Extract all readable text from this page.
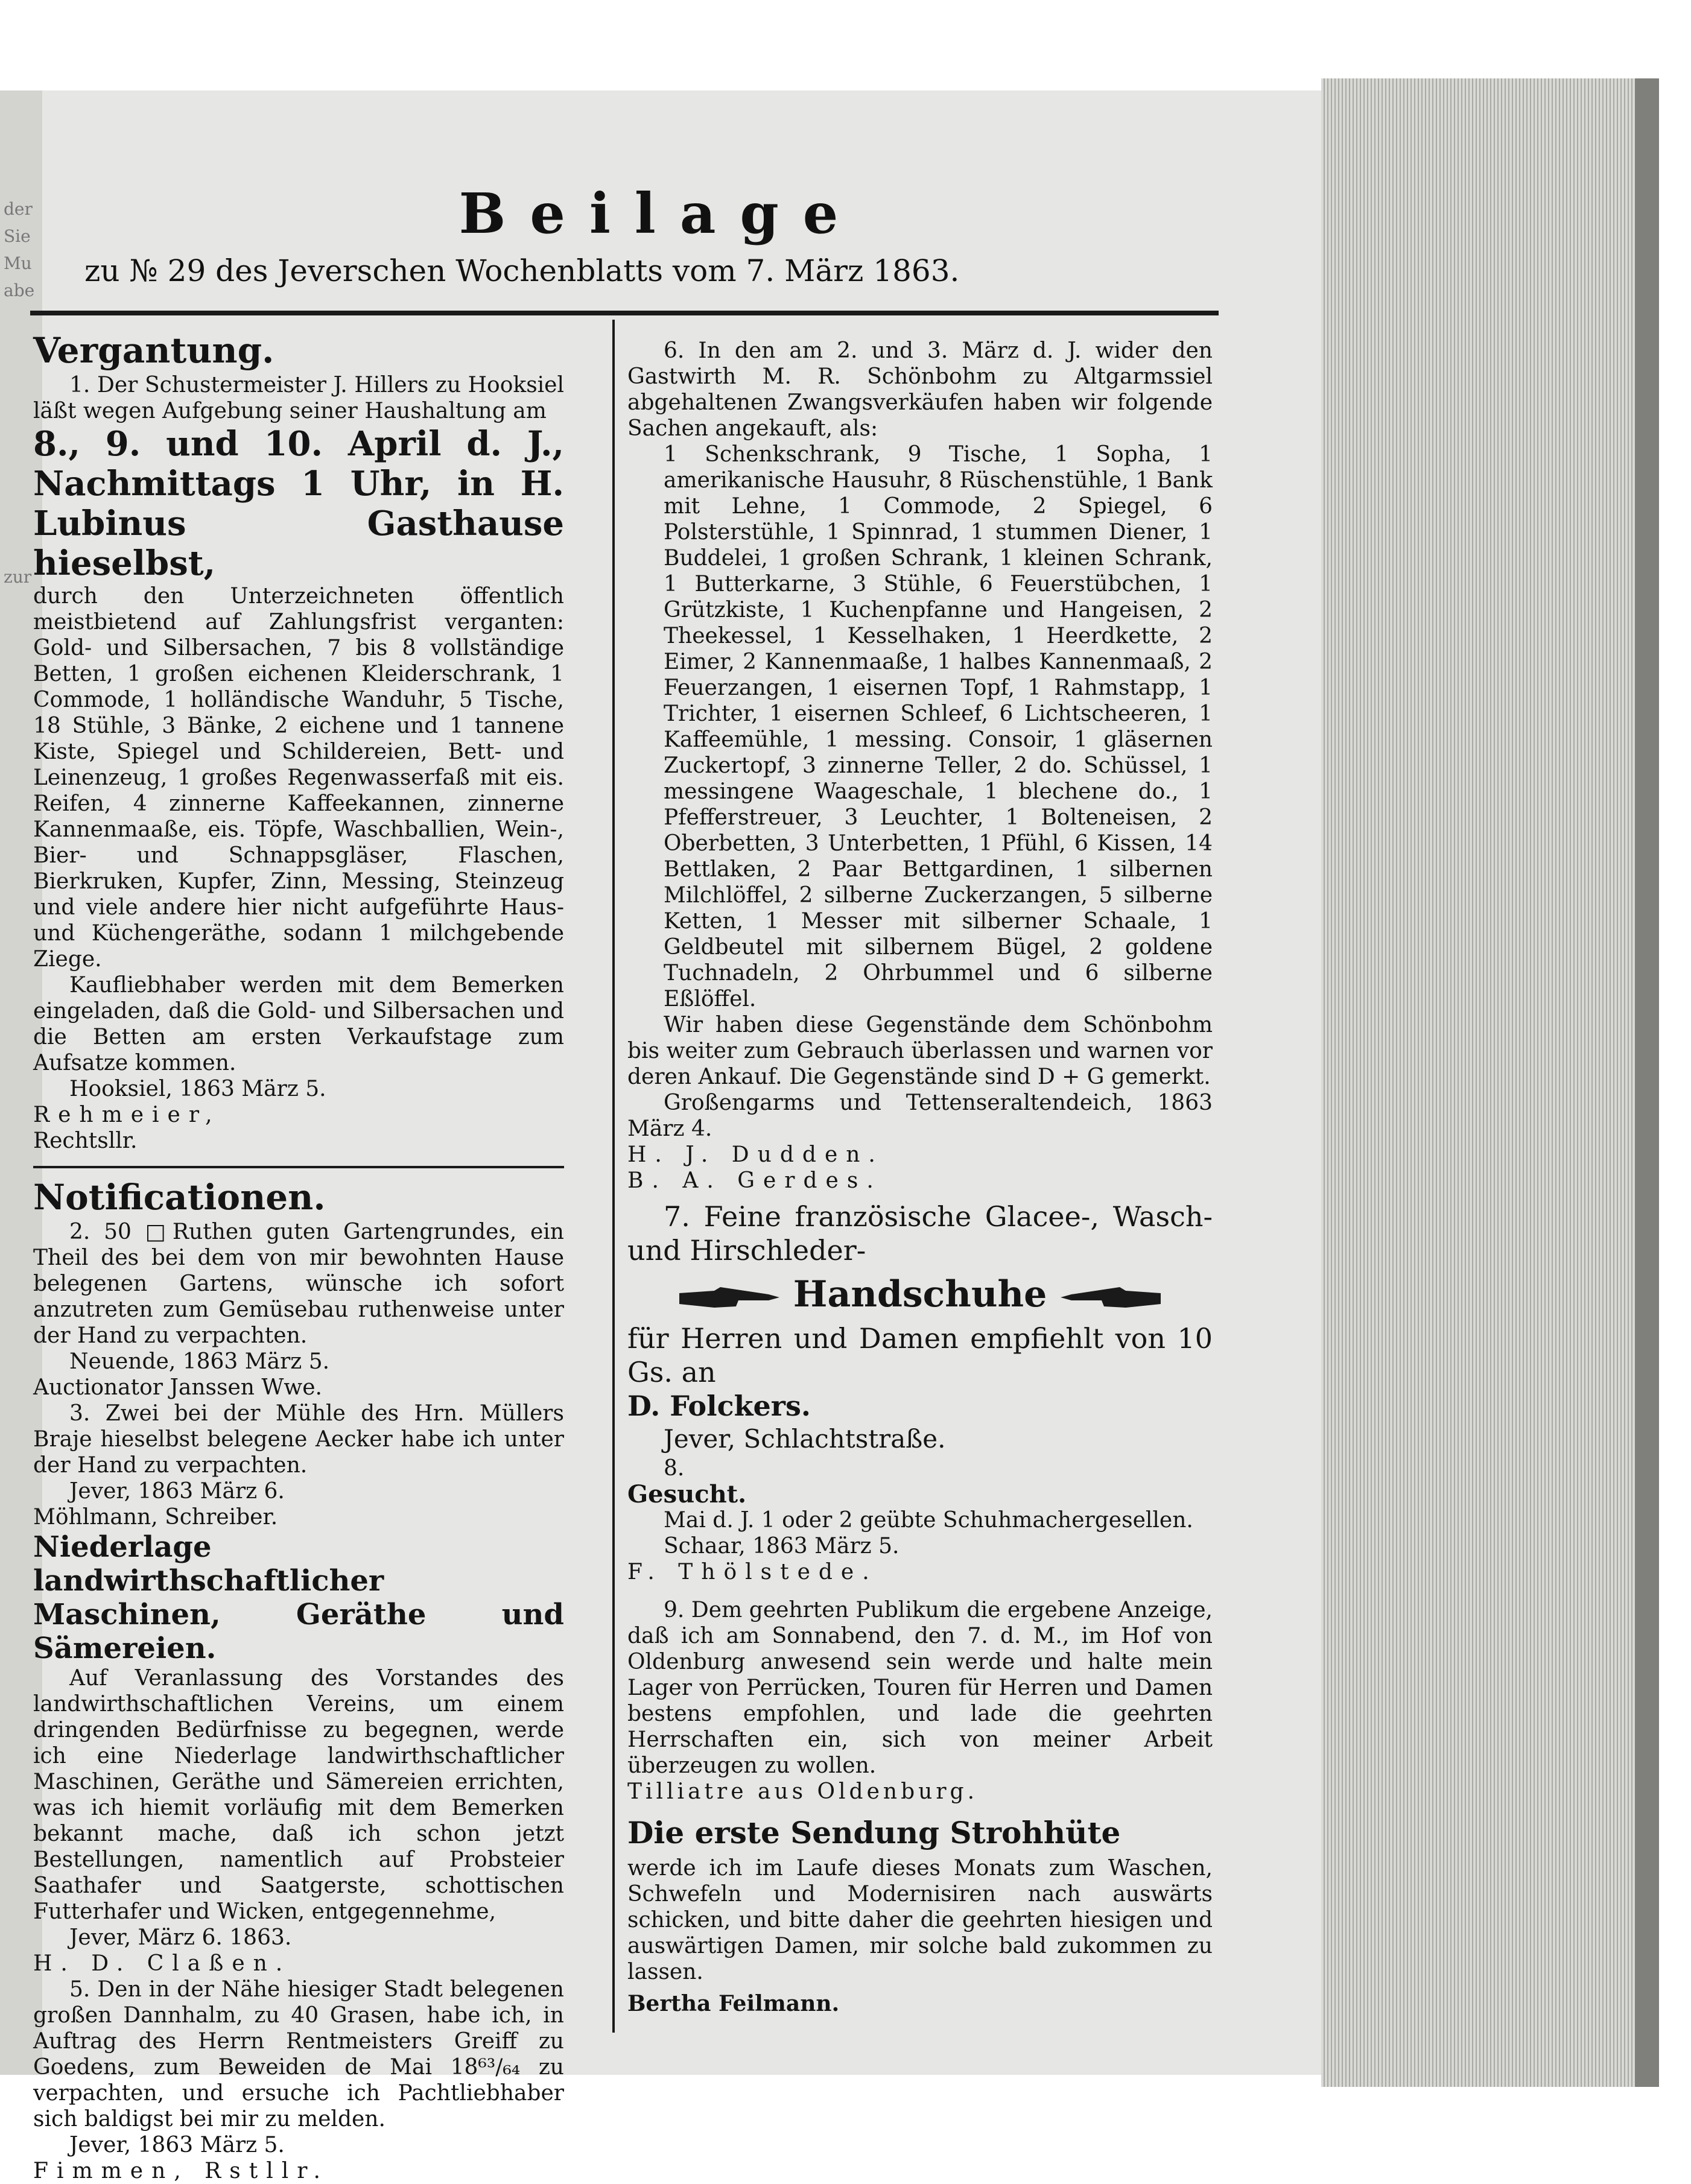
der
Sie
Mu
abe
zur
Beilage
zu № 29 des Jeverschen Wochenblatts vom 7. März 1863.

Vergantung.

1. Der Schustermeister J. Hillers zu Hooksiel läßt wegen Aufgebung seiner Haushaltung am

8., 9. und 10. April d. J., Nachmittags 1 Uhr, in H. Lubinus Gasthause hieselbst,

durch den Unterzeichneten öffentlich meistbietend auf Zahlungsfrist verganten: Gold- und Silbersachen, 7 bis 8 vollständige Betten, 1 großen eichenen Kleiderschrank, 1 Commode, 1 holländische Wanduhr, 5 Tische, 18 Stühle, 3 Bänke, 2 eichene und 1 tannene Kiste, Spiegel und Schildereien, Bett- und Leinenzeug, 1 großes Regenwasserfaß mit eis. Reifen, 4 zinnerne Kaffeekannen, zinnerne Kannenmaaße, eis. Töpfe, Waschballien, Wein-, Bier- und Schnappsgläser, Flaschen, Bierkruken, Kupfer, Zinn, Messing, Steinzeug und viele andere hier nicht aufgeführte Haus- und Küchengeräthe, sodann 1 milchgebende Ziege.

Kaufliebhaber werden mit dem Bemerken eingeladen, daß die Gold- und Silbersachen und die Betten am ersten Verkaufstage zum Aufsatze kommen.

Hooksiel, 1863 März 5.

Rehmeier,

Rechtsllr.

Notificationen.

2. 50 □Ruthen guten Gartengrundes, ein Theil des bei dem von mir bewohnten Hause belegenen Gartens, wünsche ich sofort anzutreten zum Gemüsebau ruthenweise unter der Hand zu verpachten.

Neuende, 1863 März 5.

Auctionator Janssen Wwe.

3. Zwei bei der Mühle des Hrn. Müllers Braje hieselbst belegene Aecker habe ich unter der Hand zu verpachten.

Jever, 1863 März 6.

Möhlmann, Schreiber.

Niederlage landwirthschaftlicher Maschinen, Geräthe und Sämereien.

Auf Veranlassung des Vorstandes des landwirthschaftlichen Vereins, um einem dringenden Bedürfnisse zu begegnen, werde ich eine Niederlage landwirthschaftlicher Maschinen, Geräthe und Sämereien errichten, was ich hiemit vorläufig mit dem Bemerken bekannt mache, daß ich schon jetzt Bestellungen, namentlich auf Probsteier Saathafer und Saatgerste, schottischen Futterhafer und Wicken, entgegennehme,

Jever, März 6. 1863.

H. D. Claßen.

5. Den in der Nähe hiesiger Stadt belegenen großen Dannhalm, zu 40 Grasen, habe ich, in Auftrag des Herrn Rentmeisters Greiff zu Goedens, zum Beweiden de Mai 18⁶³/₆₄ zu verpachten, und ersuche ich Pachtliebhaber sich baldigst bei mir zu melden.

Jever, 1863 März 5.

Fimmen, Rstllr.

6. In den am 2. und 3. März d. J. wider den Gastwirth M. R. Schönbohm zu Altgarmssiel abgehaltenen Zwangsverkäufen haben wir folgende Sachen angekauft, als:

1 Schenkschrank, 9 Tische, 1 Sopha, 1 amerikanische Hausuhr, 8 Rüschenstühle, 1 Bank mit Lehne, 1 Commode, 2 Spiegel, 6 Polsterstühle, 1 Spinnrad, 1 stummen Diener, 1 Buddelei, 1 großen Schrank, 1 kleinen Schrank, 1 Butterkarne, 3 Stühle, 6 Feuerstübchen, 1 Grützkiste, 1 Kuchenpfanne und Hangeisen, 2 Theekessel, 1 Kesselhaken, 1 Heerdkette, 2 Eimer, 2 Kannenmaaße, 1 halbes Kannenmaaß, 2 Feuerzangen, 1 eisernen Topf, 1 Rahmstapp, 1 Trichter, 1 eisernen Schleef, 6 Lichtscheeren, 1 Kaffeemühle, 1 messing. Consoir, 1 gläsernen Zuckertopf, 3 zinnerne Teller, 2 do. Schüssel, 1 messingene Waageschale, 1 blechene do., 1 Pfefferstreuer, 3 Leuchter, 1 Bolteneisen, 2 Oberbetten, 3 Unterbetten, 1 Pfühl, 6 Kissen, 14 Bettlaken, 2 Paar Bettgardinen, 1 silbernen Milchlöffel, 2 silberne Zuckerzangen, 5 silberne Ketten, 1 Messer mit silberner Schaale, 1 Geldbeutel mit silbernem Bügel, 2 goldene Tuchnadeln, 2 Ohrbummel und 6 silberne Eßlöffel.

Wir haben diese Gegenstände dem Schönbohm bis weiter zum Gebrauch überlassen und warnen vor deren Ankauf. Die Gegenstände sind D + G gemerkt.

Großengarms und Tettenseraltendeich, 1863 März 4.

H. J. Dudden.

B. A. Gerdes.

7. Feine französische Glacee-, Wasch- und Hirschleder-

Handschuhe

für Herren und Damen empfiehlt von 10 Gs. an

D. Folckers.

Jever, Schlachtstraße.

8.

Gesucht.

Mai d. J. 1 oder 2 geübte Schuhmachergesellen.

Schaar, 1863 März 5.

F. Thölstede.

9. Dem geehrten Publikum die ergebene Anzeige, daß ich am Sonnabend, den 7. d. M., im Hof von Oldenburg anwesend sein werde und halte mein Lager von Perrücken, Touren für Herren und Damen bestens empfohlen, und lade die geehrten Herrschaften ein, sich von meiner Arbeit überzeugen zu wollen.

Tilliatre aus Oldenburg.

Die erste Sendung Strohhüte

werde ich im Laufe dieses Monats zum Waschen, Schwefeln und Modernisiren nach auswärts schicken, und bitte daher die geehrten hiesigen und auswärtigen Damen, mir solche bald zukommen zu lassen.

Bertha Feilmann.
